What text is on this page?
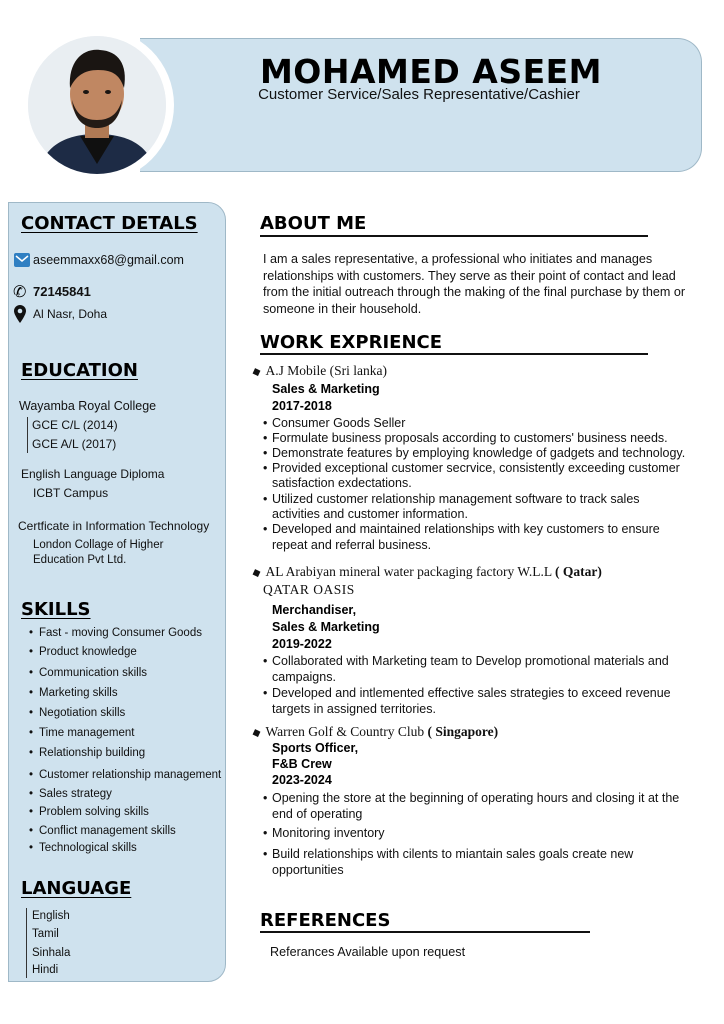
MOHAMED ASEEM
Customer Service/Sales Representative/Cashier
CONTACT DETALS
aseemmaxx68@gmail.com
✆ 72145841
Al Nasr, Doha
EDUCATION
Wayamba Royal College
GCE C/L (2014)
GCE A/L (2017)
English Language Diploma
ICBT Campus
Certficate in Information Technology
London Collage of Higher
Education Pvt Ltd.
SKILLS
• Fast - moving Consumer Goods
• Product knowledge
• Communication skills
• Marketing skills
• Negotiation skills
• Time management
• Relationship building
• Customer relationship management
• Sales strategy
• Problem solving skills
• Conflict management skills
• Technological skills
LANGUAGE
English
Tamil
Sinhala
Hindi
ABOUT ME
I am a sales representative, a professional who initiates and manages relationships with customers. They serve as their point of contact and lead from the initial outreach through the making of the final purchase by them or someone in their household.
WORK EXPRIENCE
◆ A.J Mobile (Sri lanka)
Sales & Marketing
2017-2018
• Consumer Goods Seller
• Formulate business proposals according to customers' business needs.
• Demonstrate features by employing knowledge of gadgets and technology.
• Provided exceptional customer secrvice, consistently exceeding customer
satisfaction exdectations.
• Utilized customer relationship management software to track sales
activities and customer information.
• Developed and maintained relationships with key customers to ensure
repeat and referral business.
◆ AL Arabiyan mineral water packaging factory W.L.L ( Qatar)
QATAR OASIS
Merchandiser,
Sales & Marketing
2019-2022
• Collaborated with Marketing team to Develop promotional materials and
campaigns.
• Developed and intlemented effective sales strategies to exceed revenue
targets in assigned territories.
◆ Warren Golf & Country Club ( Singapore)
Sports Officer,
F&B Crew
2023-2024
• Opening the store at the beginning of operating hours and closing it at the
end of operating
• Monitoring inventory
• Build relationships with cilents to miantain sales goals create new
opportunities
REFERENCES
Referances Available upon request
